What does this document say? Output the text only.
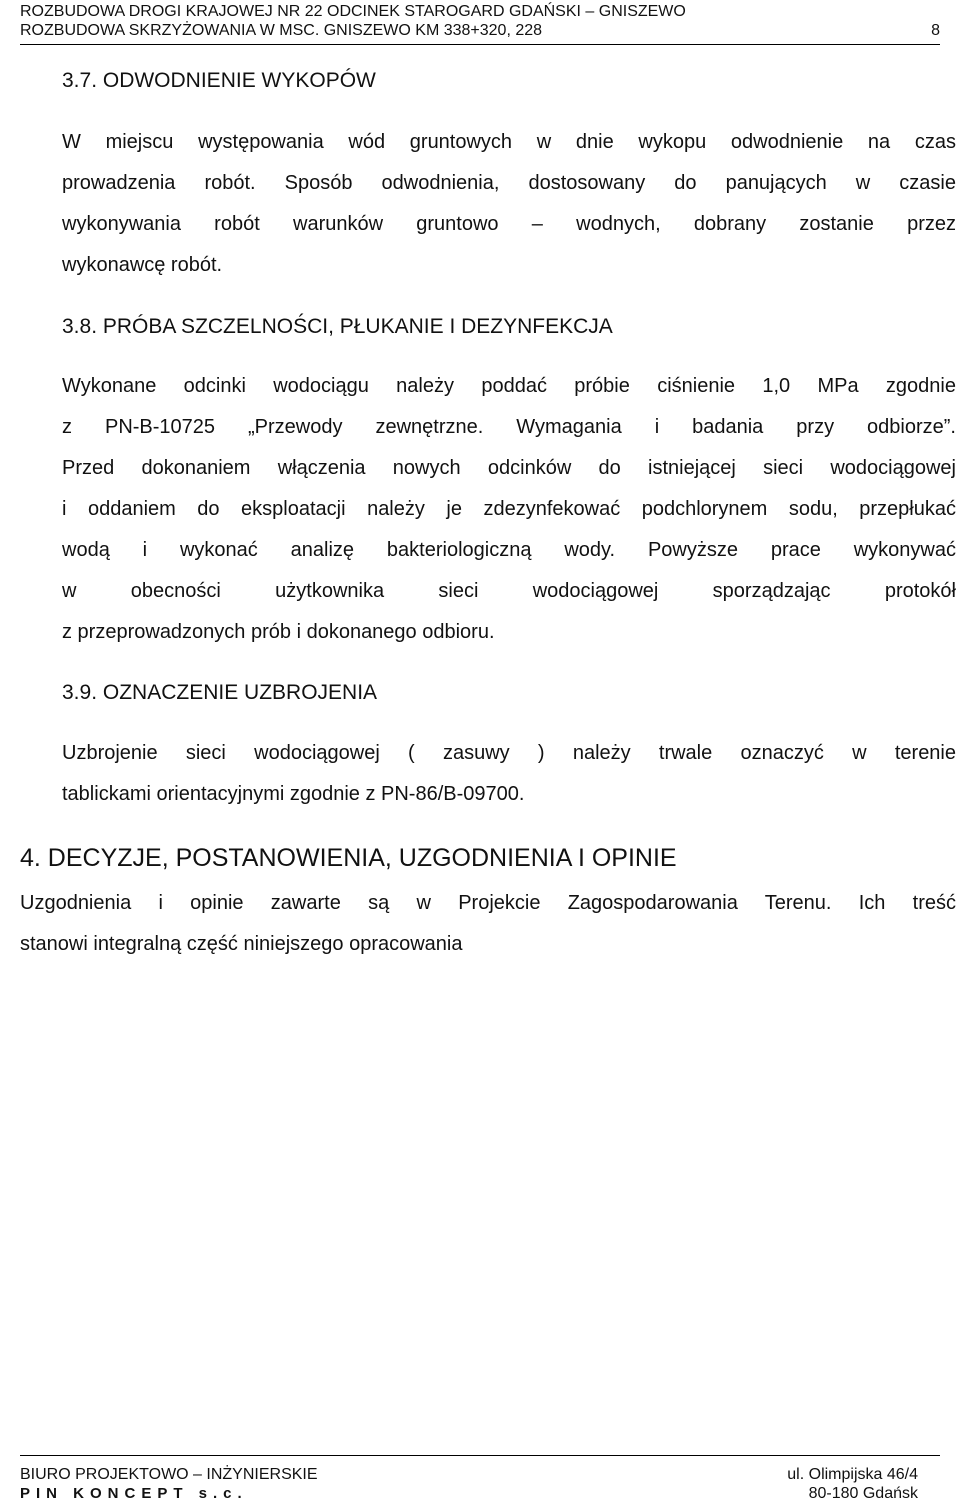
ROZBUDOWA DROGI KRAJOWEJ NR 22 ODCINEK STAROGARD GDAŃSKI – GNISZEWO
ROZBUDOWA SKRZYŻOWANIA W MSC. GNISZEWO KM 338+320, 228	8
3.7. ODWODNIENIE WYKOPÓW
W miejscu występowania wód gruntowych w dnie wykopu odwodnienie na czas
prowadzenia robót. Sposób odwodnienia, dostosowany do panujących w czasie
wykonywania robót warunków gruntowo – wodnych, dobrany zostanie przez
wykonawcę robót.
3.8. PRÓBA SZCZELNOŚCI, PŁUKANIE I DEZYNFEKCJA
Wykonane odcinki wodociągu należy poddać próbie ciśnienie 1,0 MPa zgodnie
z PN-B-10725 „Przewody zewnętrzne. Wymagania i badania przy odbiorze”.
Przed dokonaniem włączenia nowych odcinków do istniejącej sieci wodociągowej
i oddaniem do eksploatacji należy je zdezynfekować podchlorynem sodu, przepłukać
wodą i wykonać analizę bakteriologiczną wody. Powyższe prace wykonywać
w obecności użytkownika sieci wodociągowej sporządzając protokół
z przeprowadzonych prób i dokonanego odbioru.
3.9. OZNACZENIE UZBROJENIA
Uzbrojenie sieci wodociągowej ( zasuwy ) należy trwale oznaczyć w terenie
tablickami orientacyjnymi zgodnie z PN-86/B-09700.
4. DECYZJE, POSTANOWIENIA, UZGODNIENIA I OPINIE
Uzgodnienia i opinie zawarte są w Projekcie Zagospodarowania Terenu. Ich treść
stanowi integralną część niniejszego opracowania
BIURO PROJEKTOWO – INŻYNIERSKIE
PIN KONCEPT s.c.
ul. Olimpijska 46/4
80-180 Gdańsk
